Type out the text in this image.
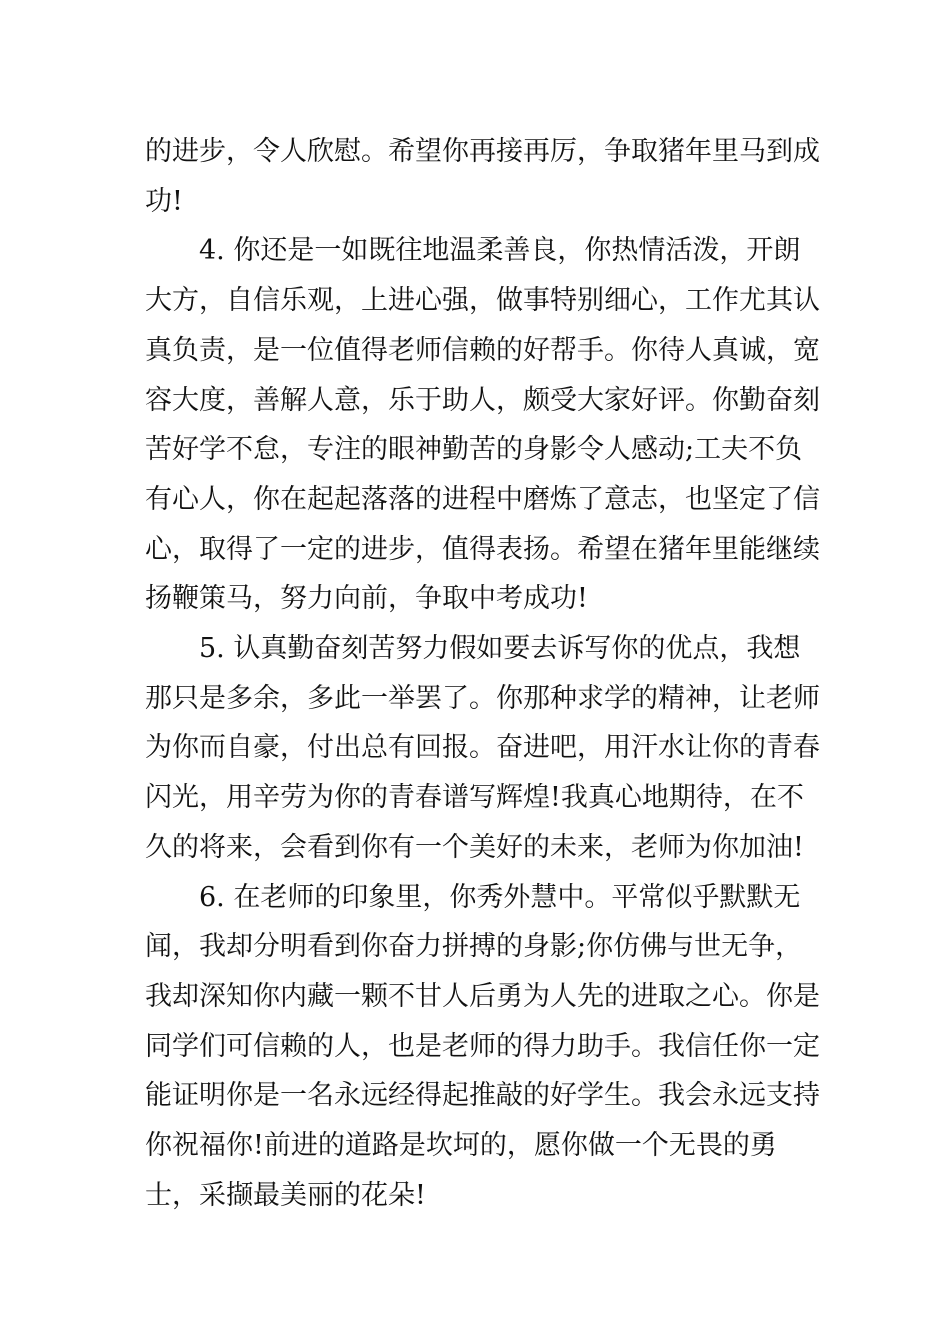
的进步，令人欣慰。希望你再接再厉，争取猪年里马到成功!

4. 你还是一如既往地温柔善良，你热情活泼，开朗大方，自信乐观，上进心强，做事特别细心，工作尤其认真负责，是一位值得老师信赖的好帮手。你待人真诚，宽容大度，善解人意，乐于助人，颇受大家好评。你勤奋刻苦好学不怠，专注的眼神勤苦的身影令人感动;工夫不负有心人，你在起起落落的进程中磨炼了意志，也坚定了信心，取得了一定的进步，值得表扬。希望在猪年里能继续扬鞭策马，努力向前，争取中考成功!

5. 认真勤奋刻苦努力假如要去诉写你的优点，我想那只是多余，多此一举罢了。你那种求学的精神，让老师为你而自豪，付出总有回报。奋进吧，用汗水让你的青春闪光，用辛劳为你的青春谱写辉煌!我真心地期待，在不久的将来，会看到你有一个美好的未来，老师为你加油!

6. 在老师的印象里，你秀外慧中。平常似乎默默无闻，我却分明看到你奋力拼搏的身影;你仿佛与世无争，我却深知你内藏一颗不甘人后勇为人先的进取之心。你是同学们可信赖的人，也是老师的得力助手。我信任你一定能证明你是一名永远经得起推敲的好学生。我会永远支持你祝福你!前进的道路是坎坷的，愿你做一个无畏的勇士，采撷最美丽的花朵!
